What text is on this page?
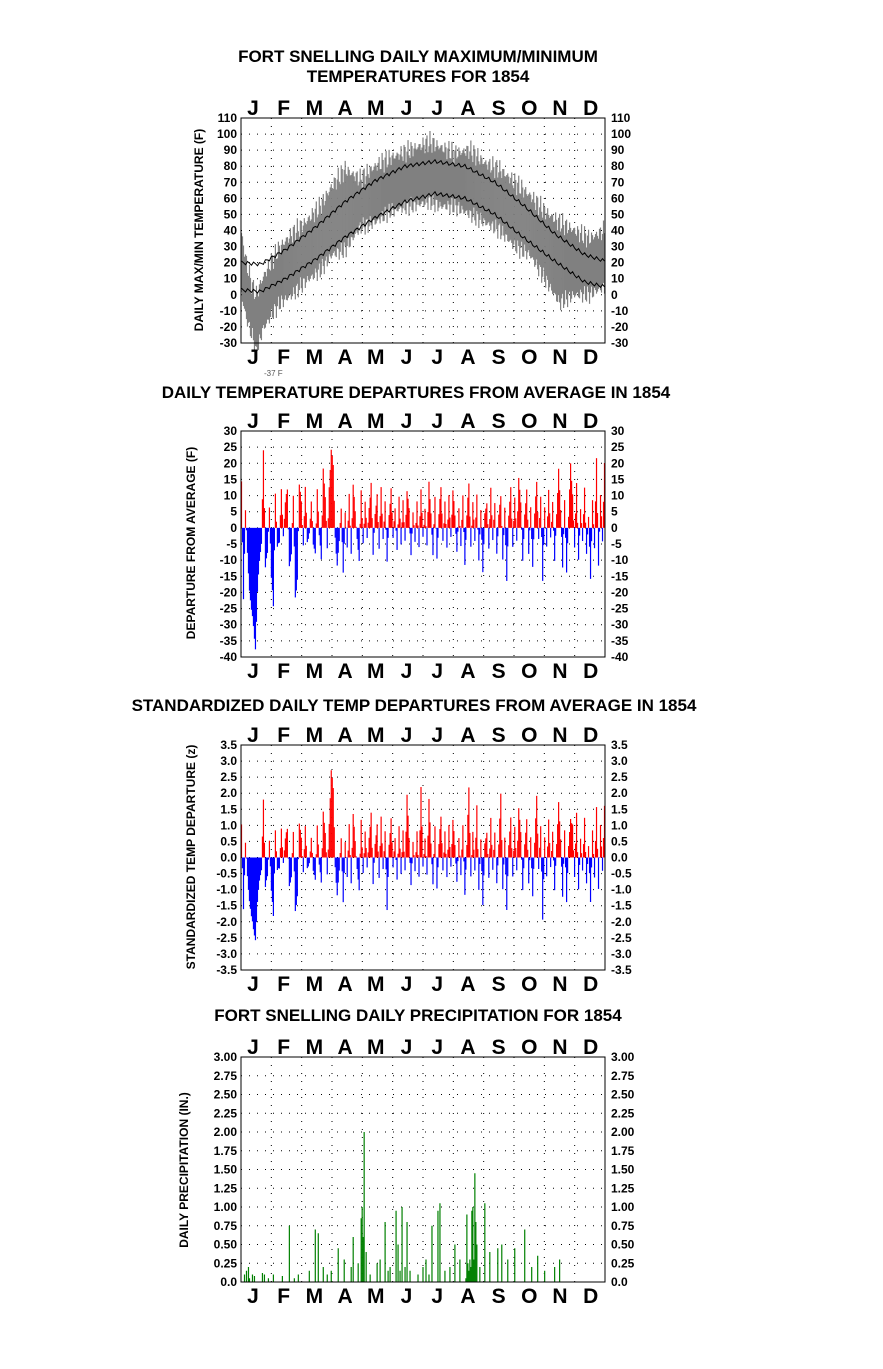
FORT SNELLING DAILY MAXIMUM/MINIMUM
TEMPERATURES FOR 1854
J F M A M J J A S O N D
110	110
100	100
90	90
80	80
70	70
60	60
50	50
40	40
30	30
20	20
10	10
0	0
-10	-10
-20	-20
-30	-30
J F M A M J J A S O N D
DAILY MAX/MIN TEMPERATURE (F)
-37 F
DAILY TEMPERATURE DEPARTURES FROM AVERAGE IN 1854
J F M A M J J A S O N D
30	30
25	25
20	20
15	15
10	10
5	5
0	0
-5	-5
-10	-10
-15	-15
-20	-20
-25	-25
-30	-30
-35	-35
-40	-40
J F M A M J J A S O N D
DEPARTURE FROM AVERAGE (F)
STANDARDIZED DAILY TEMP DEPARTURES FROM AVERAGE IN 1854
J F M A M J J A S O N D
3.5	3.5
3.0	3.0
2.5	2.5
2.0	2.0
1.5	1.5
1.0	1.0
0.5	0.5
0.0	0.0
-0.5	-0.5
-1.0	-1.0
-1.5	-1.5
-2.0	-2.0
-2.5	-2.5
-3.0	-3.0
-3.5	-3.5
J F M A M J J A S O N D
STANDARDIZED TEMP DEPARTURE (z)
FORT SNELLING DAILY PRECIPITATION FOR 1854
J F M A M J J A S O N D
3.00	3.00
2.75	2.75
2.50	2.50
2.25	2.25
2.00	2.00
1.75	1.75
1.50	1.50
1.25	1.25
1.00	1.00
0.75	0.75
0.50	0.50
0.25	0.25
0.0	0.0
J F M A M J J A S O N D
DAILY PRECIPITATION (IN.)
